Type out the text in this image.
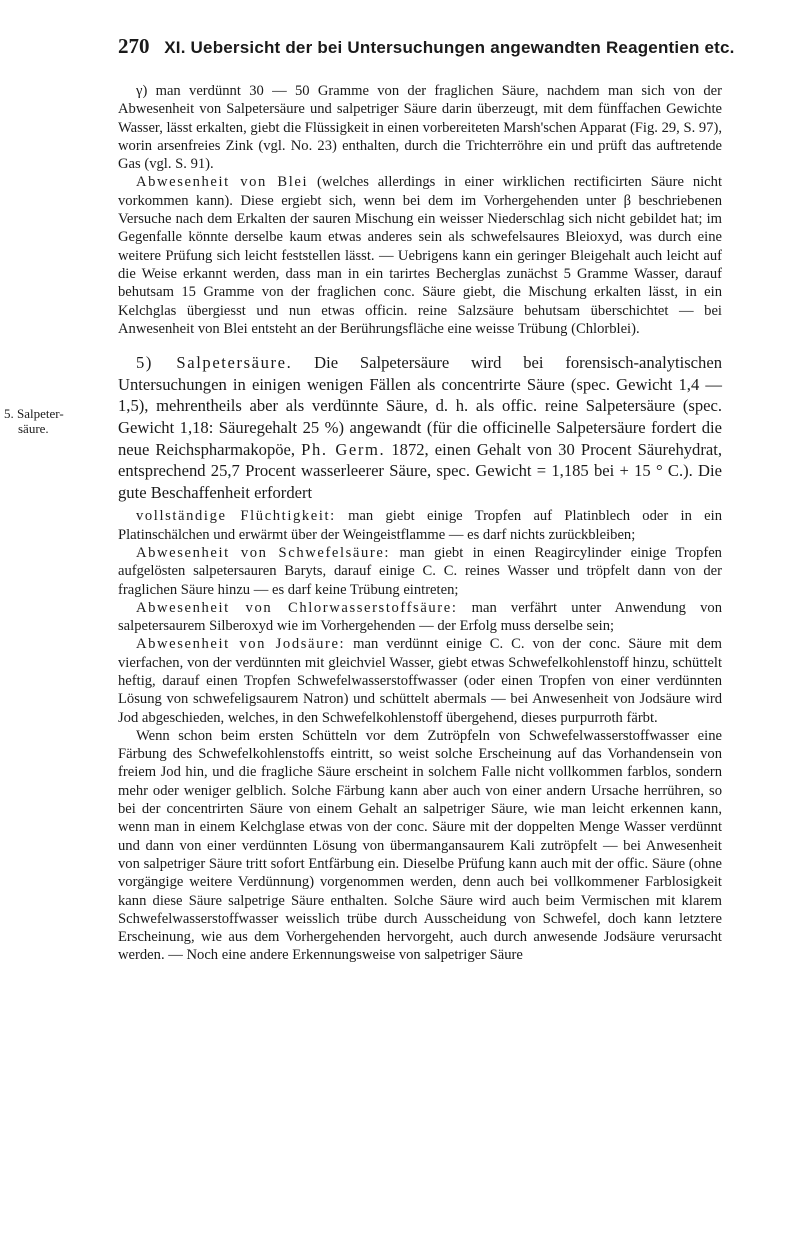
270 XI. Uebersicht der bei Untersuchungen angewandten Reagentien etc.
5. Salpeter-
säure.

γ) man verdünnt 30 — 50 Gramme von der fraglichen Säure, nachdem man sich von der Abwesenheit von Salpetersäure und salpetriger Säure darin überzeugt, mit dem fünffachen Gewichte Wasser, lässt erkalten, giebt die Flüssigkeit in einen vorbereiteten Marsh'schen Apparat (Fig. 29, S. 97), worin arsenfreies Zink (vgl. No. 23) enthalten, durch die Trichterröhre ein und prüft das auftretende Gas (vgl. S. 91).

Abwesenheit von Blei (welches allerdings in einer wirklichen rectificirten Säure nicht vorkommen kann). Diese ergiebt sich, wenn bei dem im Vorhergehenden unter β beschriebenen Versuche nach dem Erkalten der sauren Mischung ein weisser Niederschlag sich nicht gebildet hat; im Gegenfalle könnte derselbe kaum etwas anderes sein als schwefelsaures Bleioxyd, was durch eine weitere Prüfung sich leicht feststellen lässt. — Uebrigens kann ein geringer Bleigehalt auch leicht auf die Weise erkannt werden, dass man in ein tarirtes Becherglas zunächst 5 Gramme Wasser, darauf behutsam 15 Gramme von der fraglichen conc. Säure giebt, die Mischung erkalten lässt, in ein Kelchglas übergiesst und nun etwas officin. reine Salzsäure behutsam überschichtet — bei Anwesenheit von Blei entsteht an der Berührungsfläche eine weisse Trübung (Chlorblei).

5) Salpetersäure. Die Salpetersäure wird bei forensisch-analytischen Untersuchungen in einigen wenigen Fällen als concentrirte Säure (spec. Gewicht 1,4 — 1,5), mehrentheils aber als verdünnte Säure, d. h. als offic. reine Salpetersäure (spec. Gewicht 1,18: Säuregehalt 25 %) angewandt (für die officinelle Salpetersäure fordert die neue Reichspharmakopöe, Ph. Germ. 1872, einen Gehalt von 30 Procent Säurehydrat, entsprechend 25,7 Procent wasserleerer Säure, spec. Gewicht = 1,185 bei + 15 ° C.). Die gute Beschaffenheit erfordert

vollständige Flüchtigkeit: man giebt einige Tropfen auf Platinblech oder in ein Platinschälchen und erwärmt über der Weingeistflamme — es darf nichts zurückbleiben;

Abwesenheit von Schwefelsäure: man giebt in einen Reagircylinder einige Tropfen aufgelösten salpetersauren Baryts, darauf einige C. C. reines Wasser und tröpfelt dann von der fraglichen Säure hinzu — es darf keine Trübung eintreten;

Abwesenheit von Chlorwasserstoffsäure: man verfährt unter Anwendung von salpetersaurem Silberoxyd wie im Vorhergehenden — der Erfolg muss derselbe sein;

Abwesenheit von Jodsäure: man verdünnt einige C. C. von der conc. Säure mit dem vierfachen, von der verdünnten mit gleichviel Wasser, giebt etwas Schwefelkohlenstoff hinzu, schüttelt heftig, darauf einen Tropfen Schwefelwasserstoffwasser (oder einen Tropfen von einer verdünnten Lösung von schwefeligsaurem Natron) und schüttelt abermals — bei Anwesenheit von Jodsäure wird Jod abgeschieden, welches, in den Schwefelkohlenstoff übergehend, dieses purpurroth färbt.

Wenn schon beim ersten Schütteln vor dem Zutröpfeln von Schwefelwasserstoffwasser eine Färbung des Schwefelkohlenstoffs eintritt, so weist solche Erscheinung auf das Vorhandensein von freiem Jod hin, und die fragliche Säure erscheint in solchem Falle nicht vollkommen farblos, sondern mehr oder weniger gelblich. Solche Färbung kann aber auch von einer andern Ursache herrühren, so bei der concentrirten Säure von einem Gehalt an salpetriger Säure, wie man leicht erkennen kann, wenn man in einem Kelchglase etwas von der conc. Säure mit der doppelten Menge Wasser verdünnt und dann von einer verdünnten Lösung von übermangansaurem Kali zutröpfelt — bei Anwesenheit von salpetriger Säure tritt sofort Entfärbung ein. Dieselbe Prüfung kann auch mit der offic. Säure (ohne vorgängige weitere Verdünnung) vorgenommen werden, denn auch bei vollkommener Farblosigkeit kann diese Säure salpetrige Säure enthalten. Solche Säure wird auch beim Vermischen mit klarem Schwefelwasserstoffwasser weisslich trübe durch Ausscheidung von Schwefel, doch kann letztere Erscheinung, wie aus dem Vorhergehenden hervorgeht, auch durch anwesende Jodsäure verursacht werden. — Noch eine andere Erkennungsweise von salpetriger Säure
